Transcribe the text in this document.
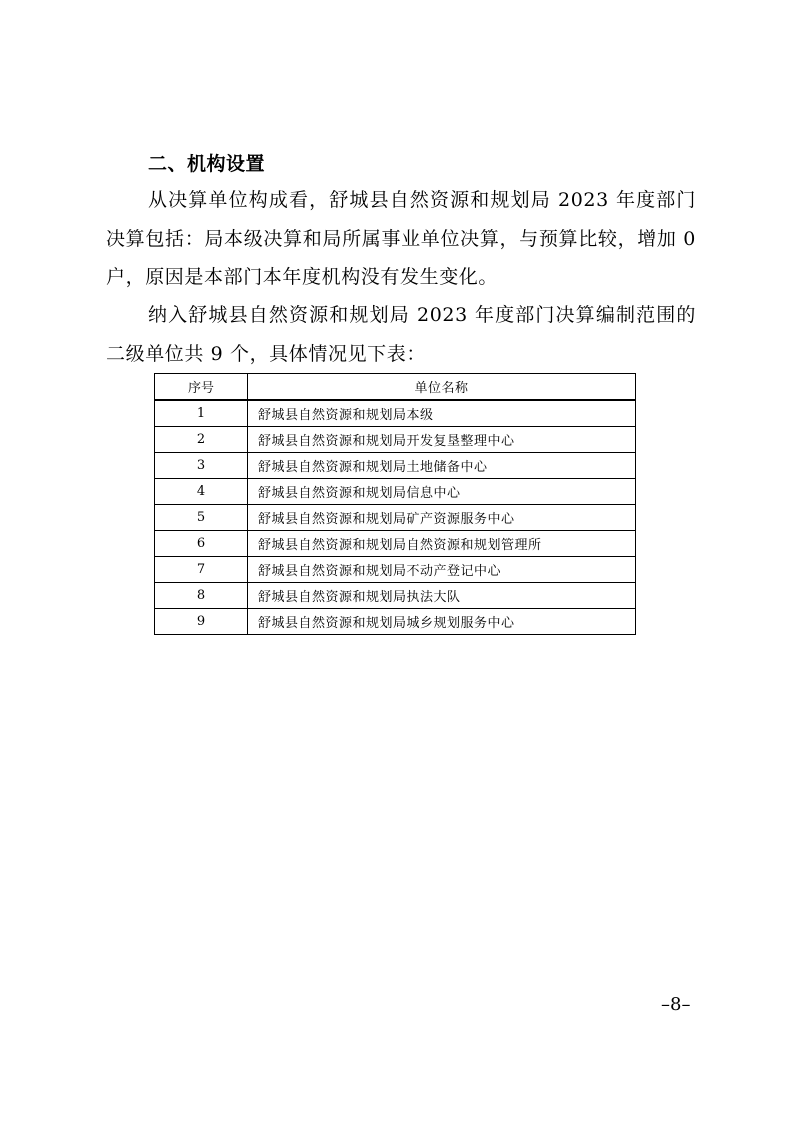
二、机构设置

从决算单位构成看，舒城县自然资源和规划局 2023 年度部门决算包括：局本级决算和局所属事业单位决算，与预算比较，增加 0 户，原因是本部门本年度机构没有发生变化。

纳入舒城县自然资源和规划局 2023 年度部门决算编制范围的二级单位共 9 个，具体情况见下表：

序号	单位名称
1	舒城县自然资源和规划局本级
2	舒城县自然资源和规划局开发复垦整理中心
3	舒城县自然资源和规划局土地储备中心
4	舒城县自然资源和规划局信息中心
5	舒城县自然资源和规划局矿产资源服务中心
6	舒城县自然资源和规划局自然资源和规划管理所
7	舒城县自然资源和规划局不动产登记中心
8	舒城县自然资源和规划局执法大队
9	舒城县自然资源和规划局城乡规划服务中心
–8–
